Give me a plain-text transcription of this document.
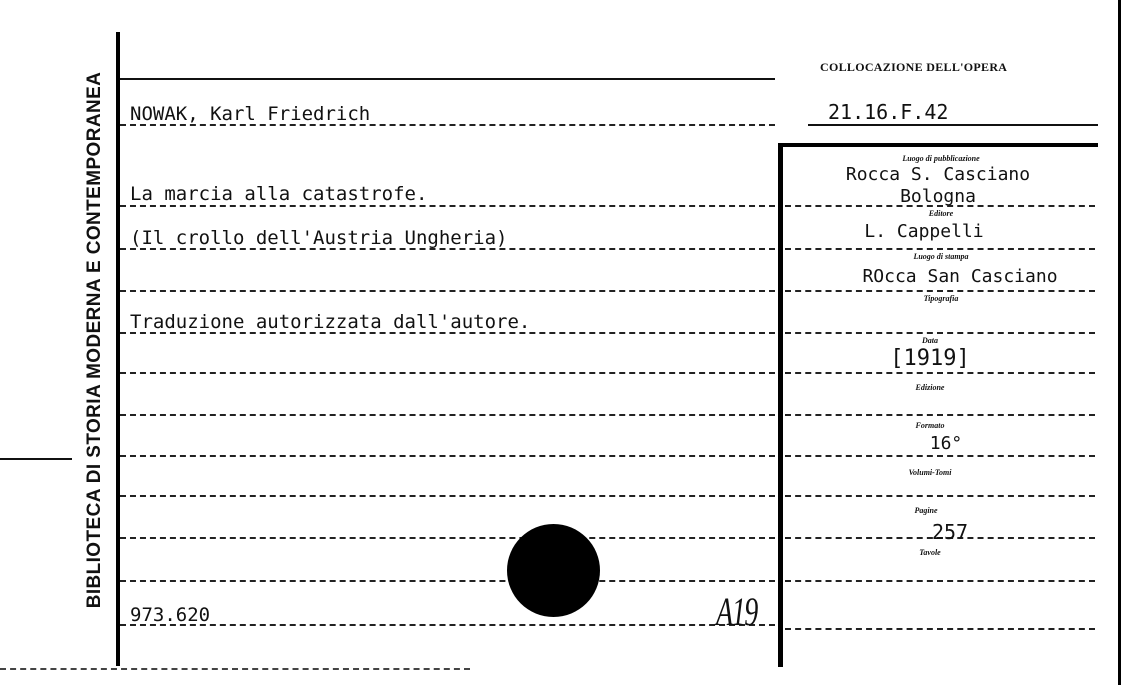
BIBLIOTECA DI STORIA MODERNA E CONTEMPORANEA
COLLOCAZIONE DELL'OPERA
21.16.F.42
NOWAK, Karl Friedrich
La marcia alla catastrofe.
(Il crollo dell'Austria Ungheria)
Traduzione autorizzata dall'autore.
973.620	A19
Luogo di pubblicazione
Rocca S. Casciano
Bologna
Editore
L. Cappelli
Luogo di stampa
ROcca San Casciano
Tipografia
Data
[1919]
Edizione
Formato
16°
Volumi-Tomi
Pagine
257
Tavole
